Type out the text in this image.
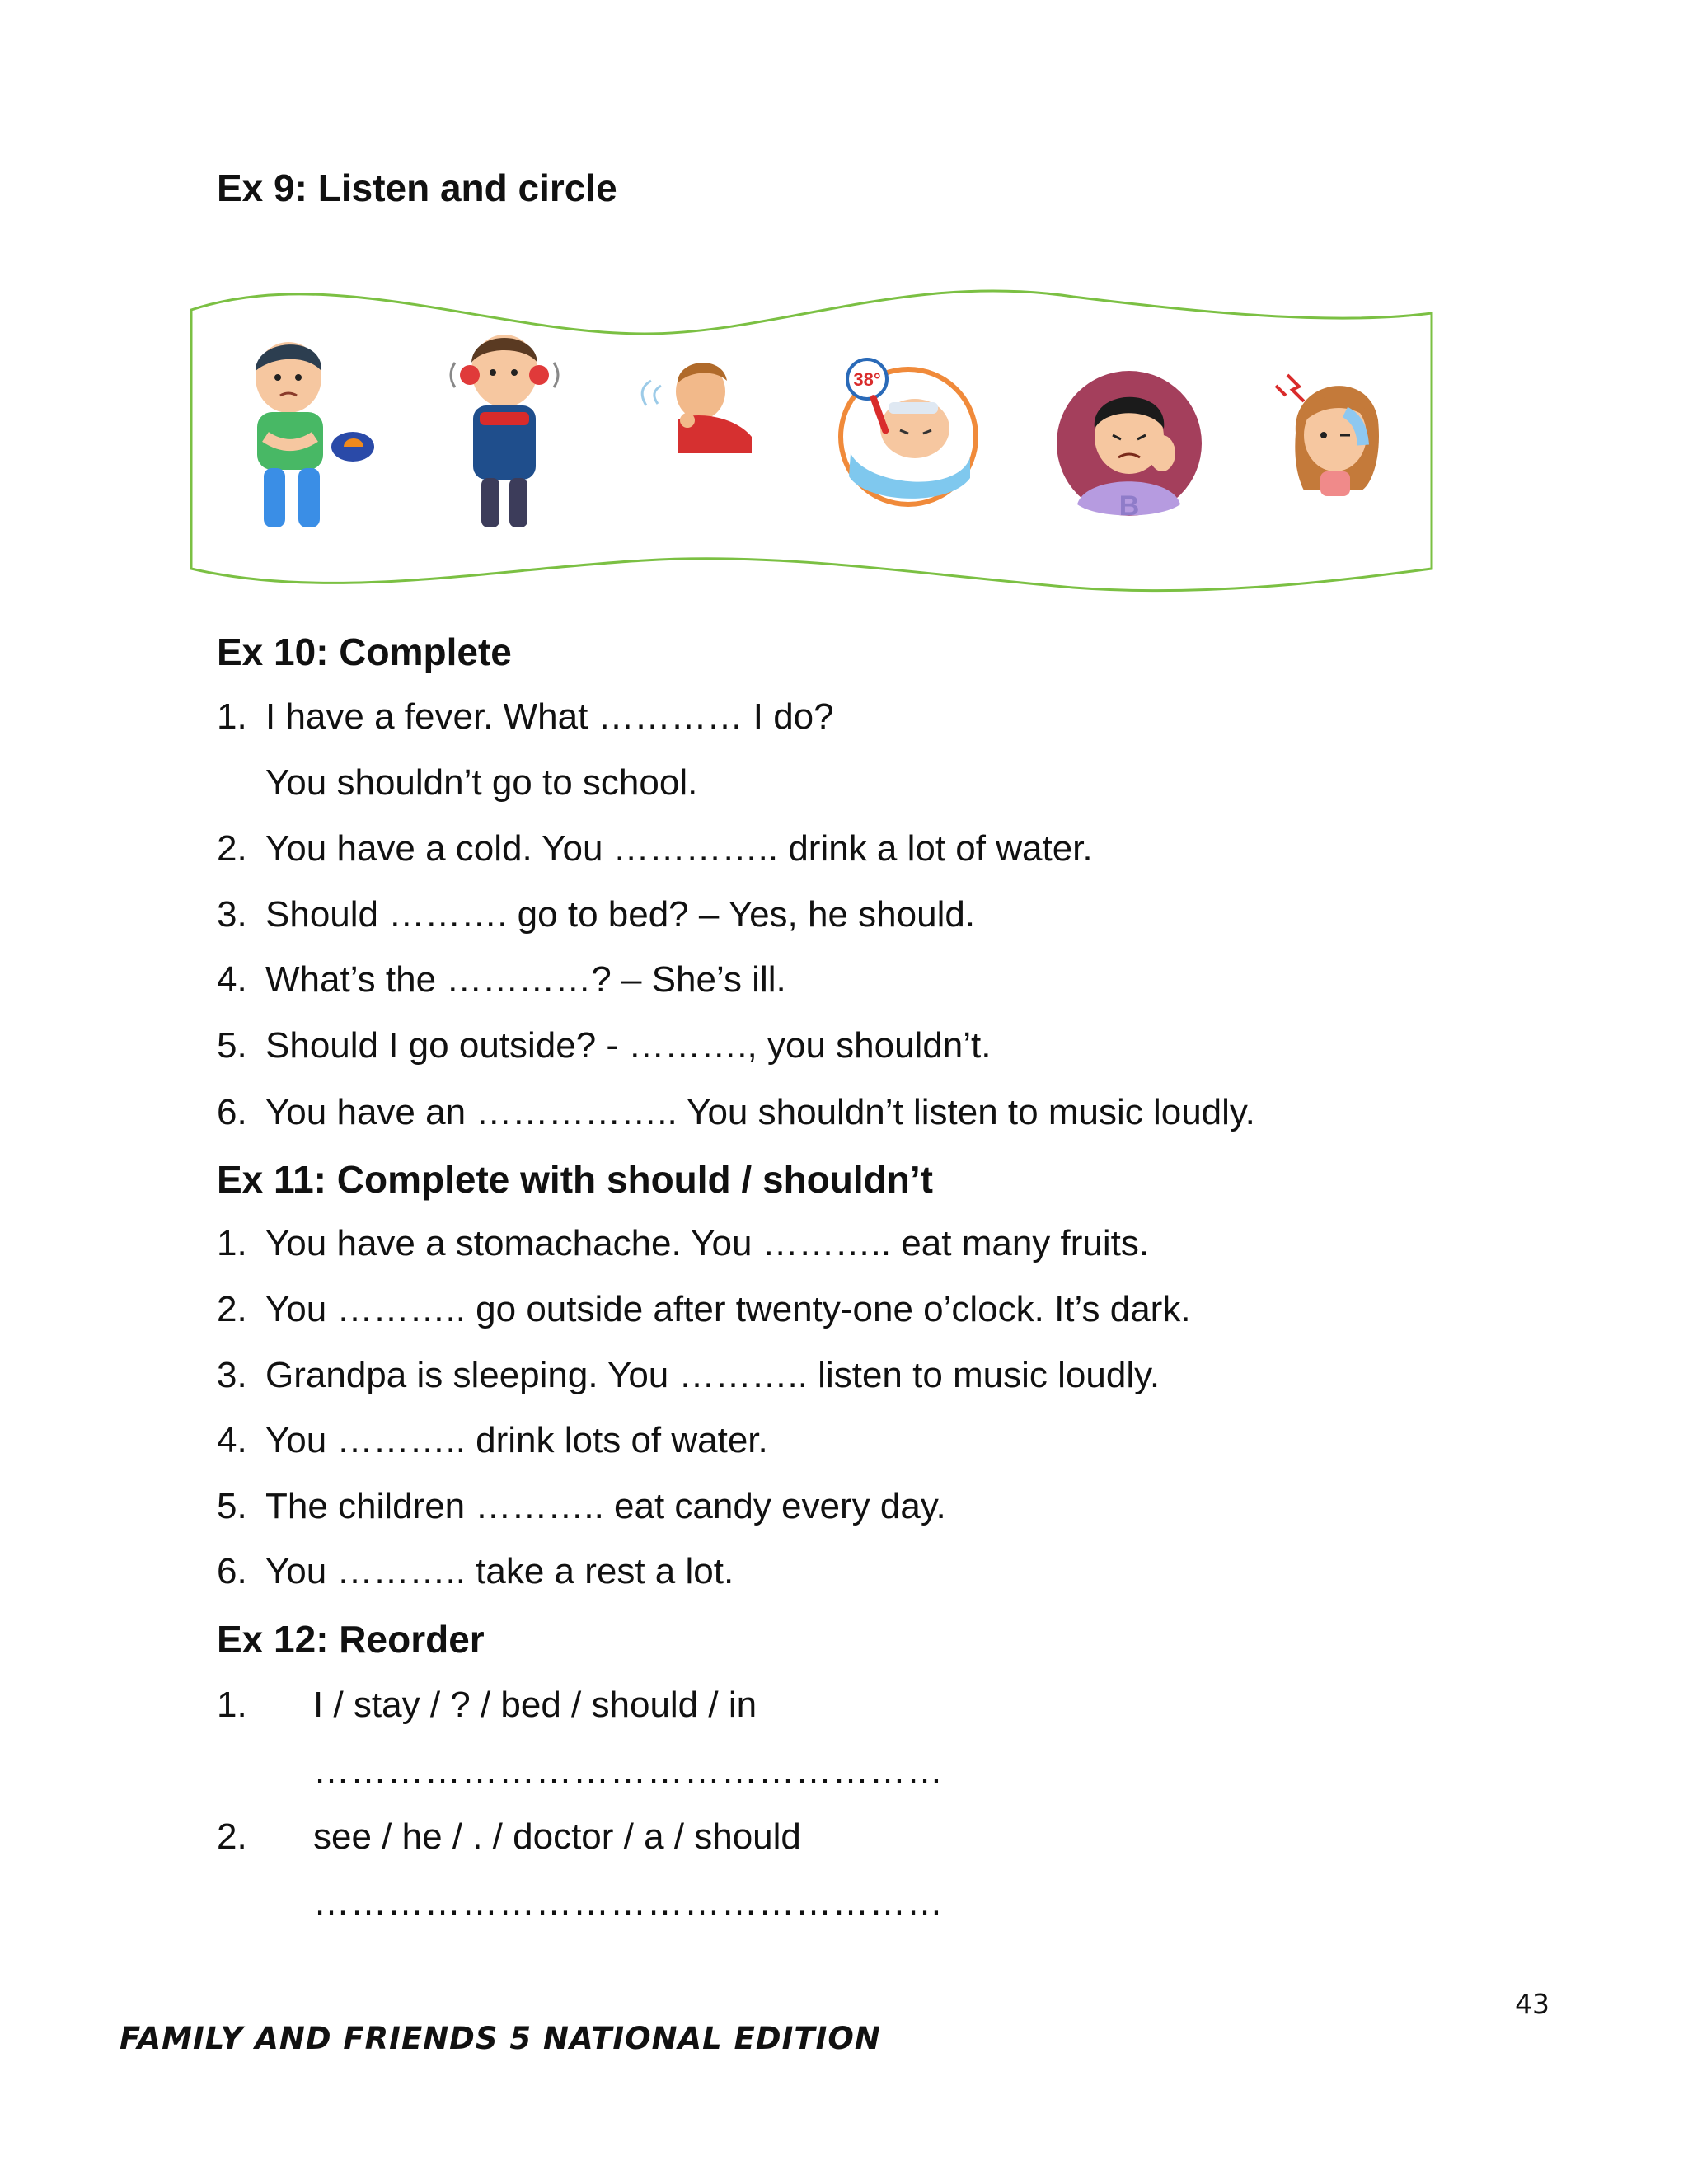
Ex 9: Listen and circle
38°
B
Ex 10: Complete
1. I have a fever. What ………… I do?
You shouldn’t go to school.
2. You have a cold. You ………….. drink a lot of water.
3. Should ………. go to bed? – Yes, he should.
4. What’s the …………? – She’s ill.
5. Should I go outside? - ………., you shouldn’t.
6. You have an …………….. You shouldn’t listen to music loudly.
Ex 11: Complete with should / shouldn’t
1. You have a stomachache. You ……….. eat many fruits.
2. You ……….. go outside after twenty-one o’clock. It’s dark.
3. Grandpa is sleeping. You ……….. listen to music loudly.
4. You ……….. drink lots of water.
5. The children ……….. eat candy every day.
6. You ……….. take a rest a lot.
Ex 12: Reorder
1. I / stay / ? / bed / should / in
……………………………………………
2. see / he / . / doctor / a / should
……………………………………………
43
FAMILY AND FRIENDS 5 NATIONAL EDITION
